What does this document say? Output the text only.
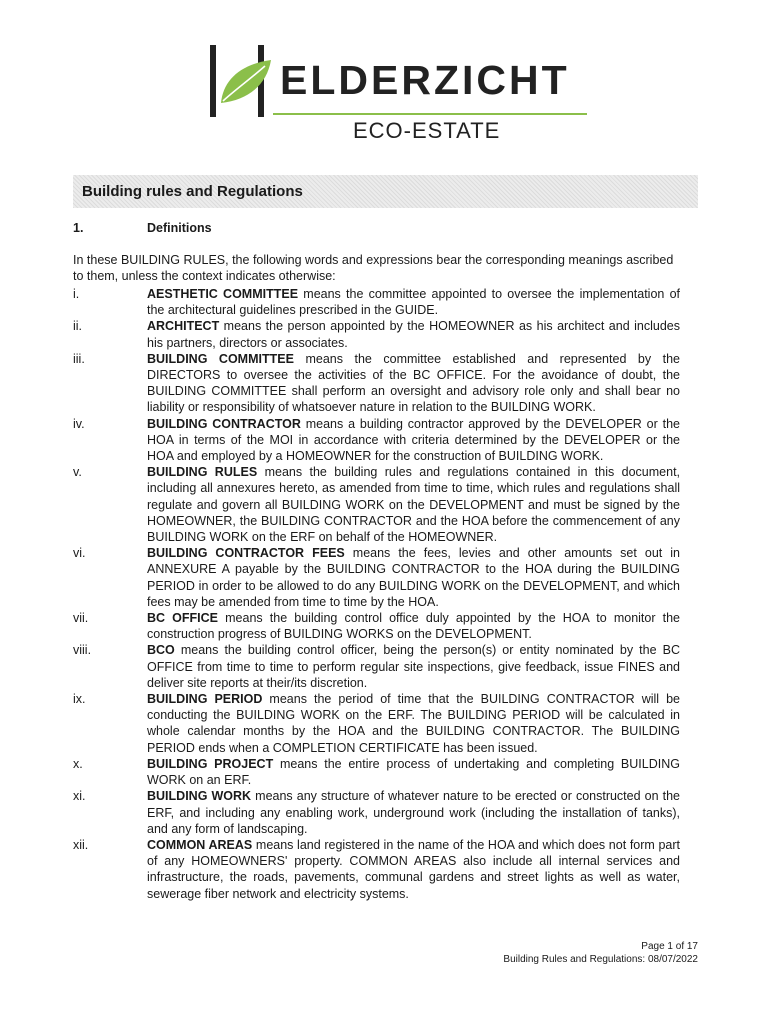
ELDERZICHT
ECO-ESTATE
Building rules and Regulations
1.	Definitions
In these BUILDING RULES, the following words and expressions bear the corresponding meanings ascribed to them, unless the context indicates otherwise:
i.	AESTHETIC COMMITTEE means the committee appointed to oversee the implementation of the architectural guidelines prescribed in the GUIDE.
ii.	ARCHITECT means the person appointed by the HOMEOWNER as his architect and includes his partners, directors or associates.
iii.	BUILDING COMMITTEE means the committee established and represented by the DIRECTORS to oversee the activities of the BC OFFICE. For the avoidance of doubt, the BUILDING COMMITTEE shall perform an oversight and advisory role only and shall bear no liability or responsibility of whatsoever nature in relation to the BUILDING WORK.
iv.	BUILDING CONTRACTOR means a building contractor approved by the DEVELOPER or the HOA in terms of the MOI in accordance with criteria determined by the DEVELOPER or the HOA and employed by a HOMEOWNER for the construction of BUILDING WORK.
v.	BUILDING RULES means the building rules and regulations contained in this document, including all annexures hereto, as amended from time to time, which rules and regulations shall regulate and govern all BUILDING WORK on the DEVELOPMENT and must be signed by the HOMEOWNER, the BUILDING CONTRACTOR and the HOA before the commencement of any BUILDING WORK on the ERF on behalf of the HOMEOWNER.
vi.	BUILDING CONTRACTOR FEES means the fees, levies and other amounts set out in ANNEXURE A payable by the BUILDING CONTRACTOR to the HOA during the BUILDING PERIOD in order to be allowed to do any BUILDING WORK on the DEVELOPMENT, and which fees may be amended from time to time by the HOA.
vii.	BC OFFICE means the building control office duly appointed by the HOA to monitor the construction progress of BUILDING WORKS on the DEVELOPMENT.
viii.	BCO means the building control officer, being the person(s) or entity nominated by the BC OFFICE from time to time to perform regular site inspections, give feedback, issue FINES and deliver site reports at their/its discretion.
ix.	BUILDING PERIOD means the period of time that the BUILDING CONTRACTOR will be conducting the BUILDING WORK on the ERF. The BUILDING PERIOD will be calculated in whole calendar months by the HOA and the BUILDING CONTRACTOR. The BUILDING PERIOD ends when a COMPLETION CERTIFICATE has been issued.
x.	BUILDING PROJECT means the entire process of undertaking and completing BUILDING WORK on an ERF.
xi.	BUILDING WORK means any structure of whatever nature to be erected or constructed on the ERF, and including any enabling work, underground work (including the installation of tanks), and any form of landscaping.
xii.	COMMON AREAS means land registered in the name of the HOA and which does not form part of any HOMEOWNERS' property. COMMON AREAS also include all internal services and infrastructure, the roads, pavements, communal gardens and street lights as well as water, sewerage fiber network and electricity systems.
Page 1 of 17
Building Rules and Regulations: 08/07/2022
